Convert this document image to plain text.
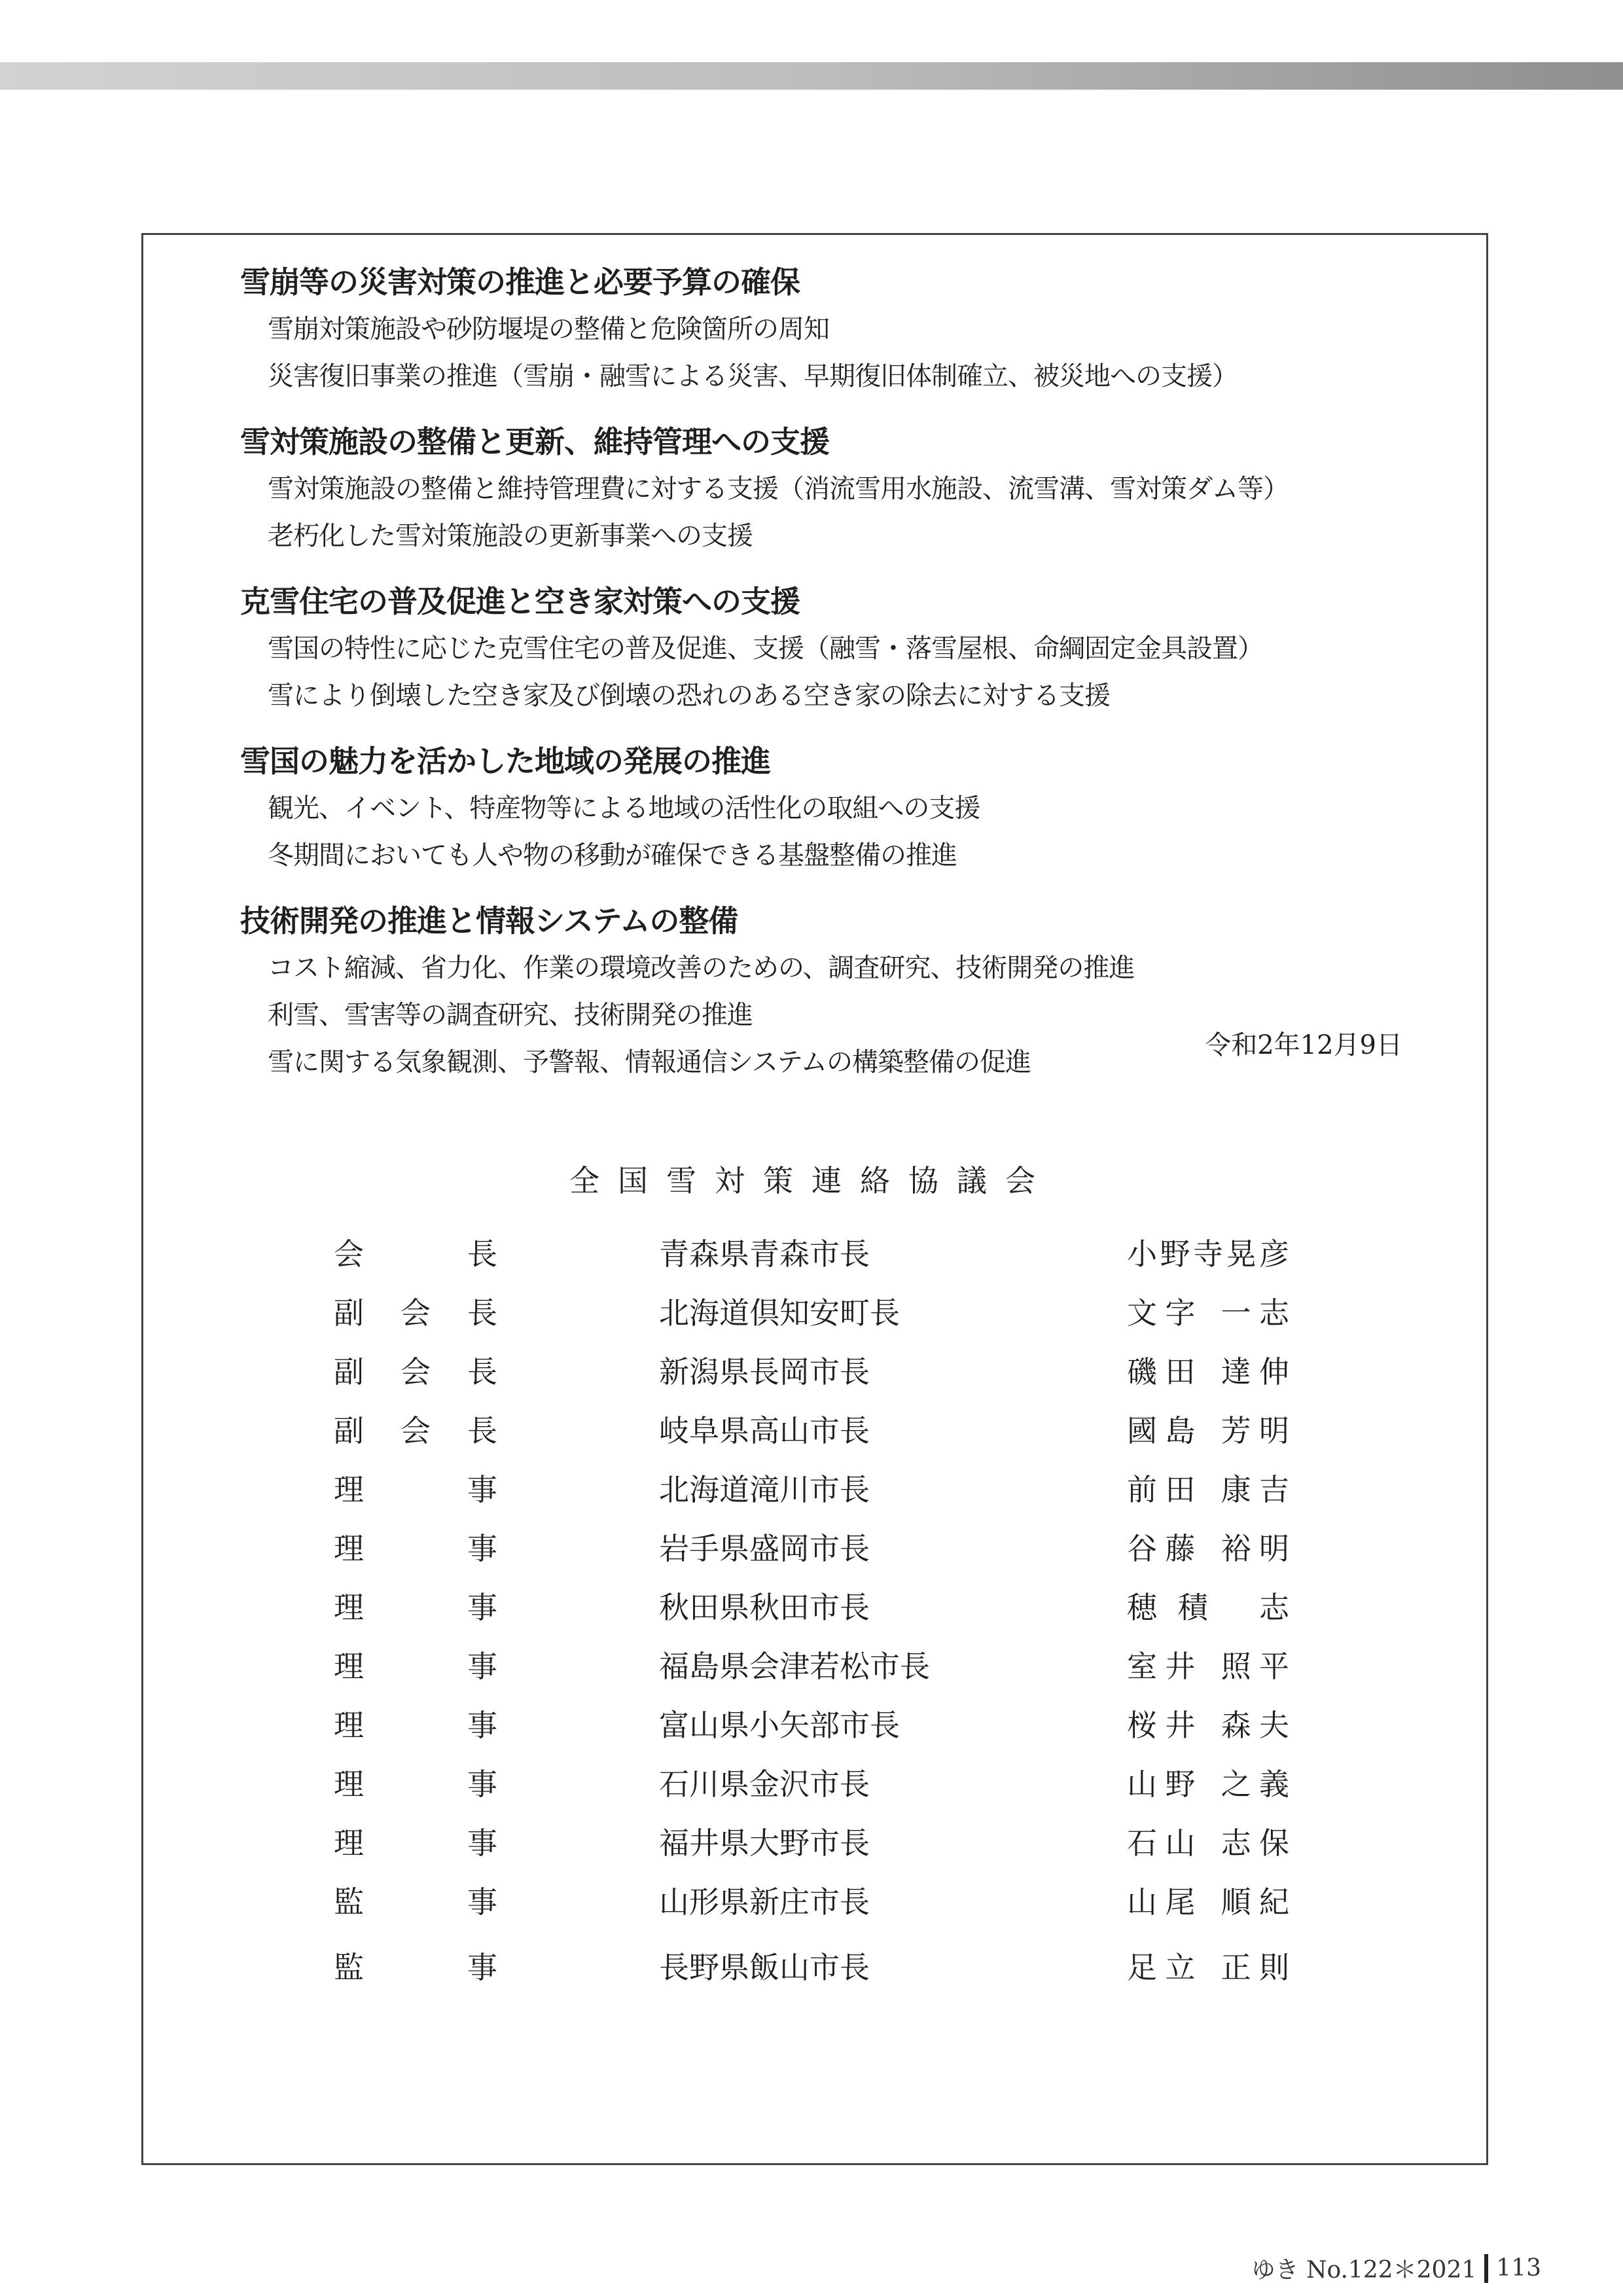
雪崩等の災害対策の推進と必要予算の確保
雪崩対策施設や砂防堰堤の整備と危険箇所の周知
災害復旧事業の推進（雪崩・融雪による災害、早期復旧体制確立、被災地への支援）
雪対策施設の整備と更新、維持管理への支援
雪対策施設の整備と維持管理費に対する支援（消流雪用水施設、流雪溝、雪対策ダム等）
老朽化した雪対策施設の更新事業への支援
克雪住宅の普及促進と空き家対策への支援
雪国の特性に応じた克雪住宅の普及促進、支援（融雪・落雪屋根、命綱固定金具設置）
雪により倒壊した空き家及び倒壊の恐れのある空き家の除去に対する支援
雪国の魅力を活かした地域の発展の推進
観光、イベント、特産物等による地域の活性化の取組への支援
冬期間においても人や物の移動が確保できる基盤整備の推進
技術開発の推進と情報システムの整備
コスト縮減、省力化、作業の環境改善のための、調査研究、技術開発の推進
利雪、雪害等の調査研究、技術開発の推進
雪に関する気象観測、予警報、情報通信システムの構築整備の促進
令和2年12月9日
全国雪対策連絡協議会
会長	青森県青森市長	小野寺晃彦
副会長	北海道倶知安町長	文字 一志
副会長	新潟県長岡市長	磯田 達伸
副会長	岐阜県高山市長	國島 芳明
理事	北海道滝川市長	前田 康吉
理事	岩手県盛岡市長	谷藤 裕明
理事	秋田県秋田市長	穂積 志
理事	福島県会津若松市長	室井 照平
理事	富山県小矢部市長	桜井 森夫
理事	石川県金沢市長	山野 之義
理事	福井県大野市長	石山 志保
監事	山形県新庄市長	山尾 順紀
監事	長野県飯山市長	足立 正則
ゆき No.122＊2021 113
